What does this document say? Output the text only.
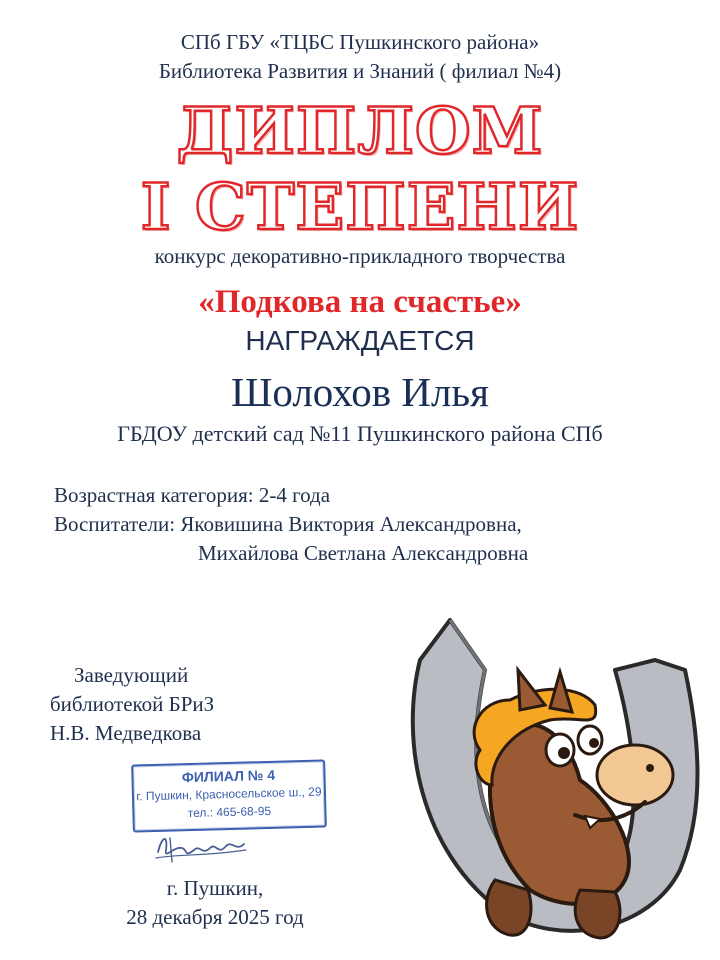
СПб ГБУ «ТЦБС Пушкинского района»
Библиотека Развития и Знаний ( филиал №4)
ДИПЛОМ
I СТЕПЕНИ
конкурс декоративно-прикладного творчества
«Подкова на счастье»
НАГРАЖДАЕТСЯ
Шолохов Илья
ГБДОУ детский сад №11 Пушкинского района СПб
Возрастная категория: 2-4 года
Воспитатели: Яковишина Виктория Александровна,
Михайлова Светлана Александровна
Заведующий
библиотекой БРиЗ
Н.В. Медведкова
ФИЛИАЛ № 4
г. Пушкин, Красносельское ш., 29
тел.: 465-68-95
г. Пушкин,
28 декабря 2025 год
